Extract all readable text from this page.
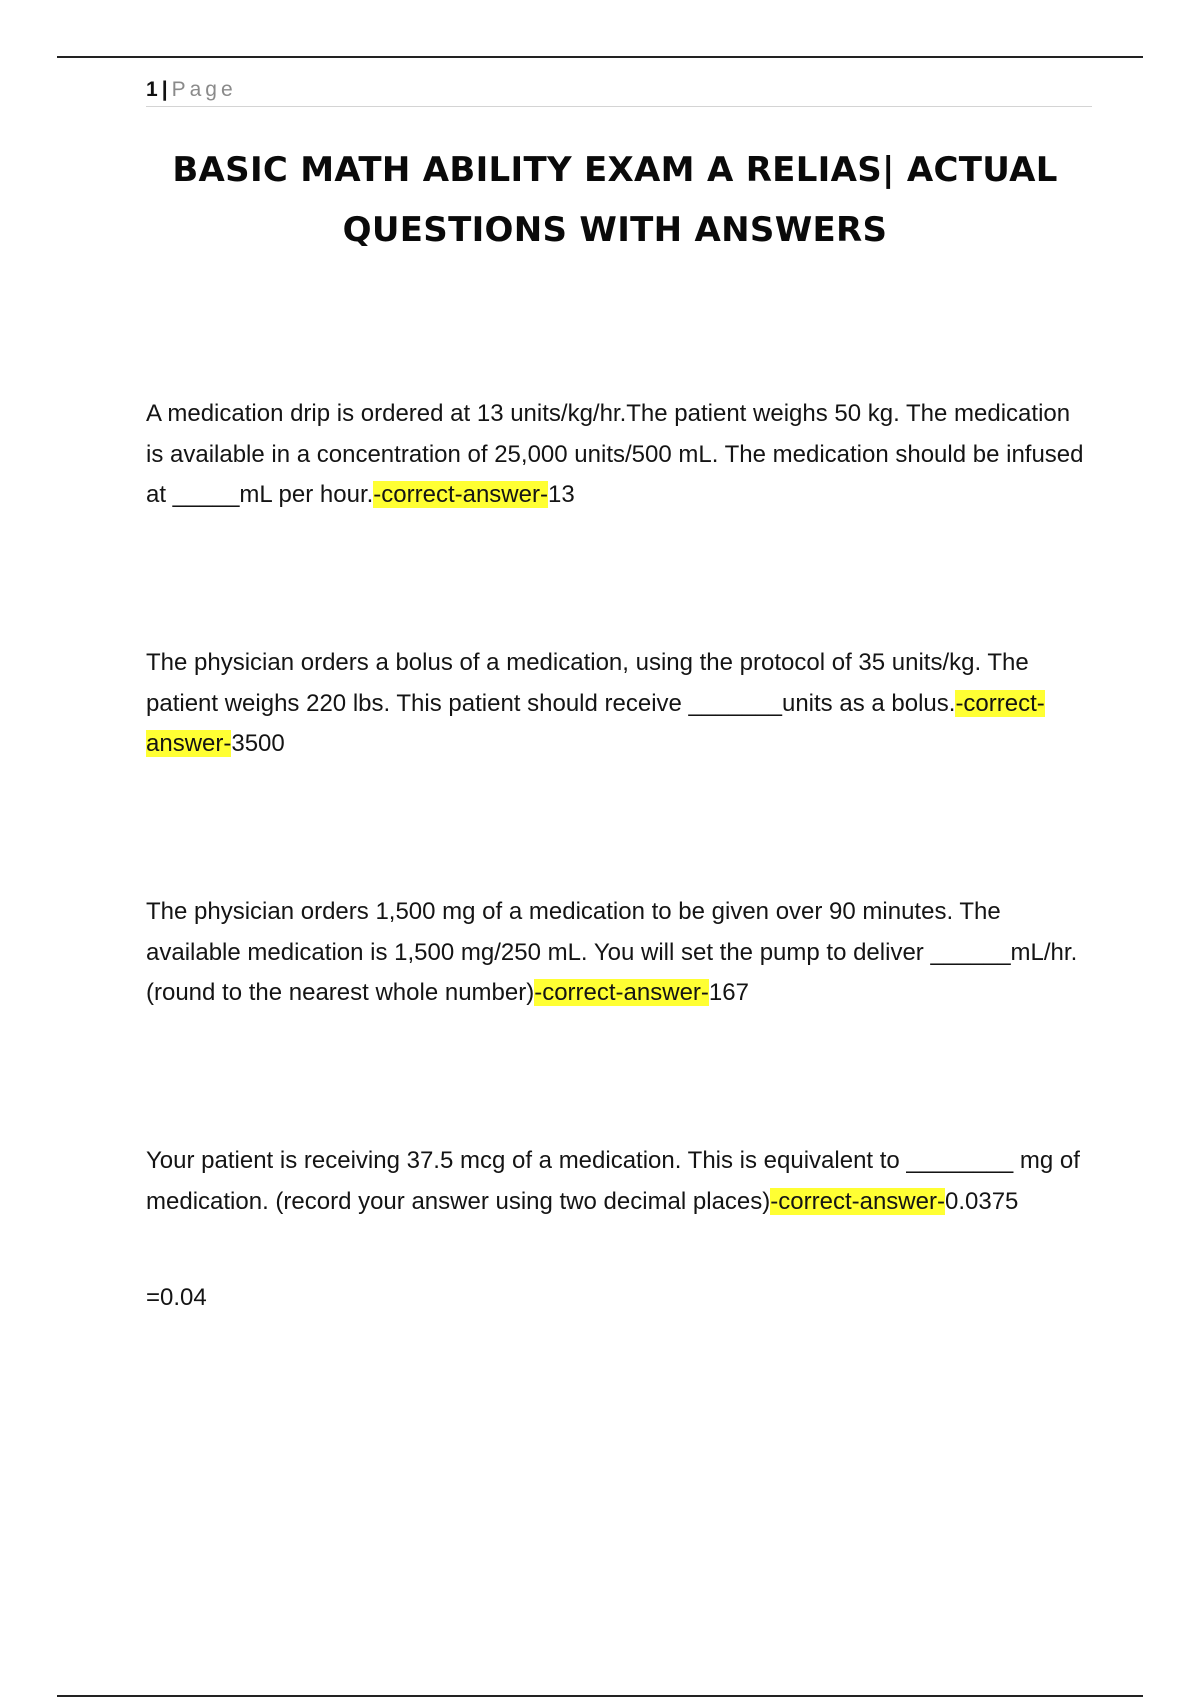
1 | Page
BASIC MATH ABILITY EXAM A RELIAS| ACTUAL QUESTIONS WITH ANSWERS

A medication drip is ordered at 13 units/kg/hr.The patient weighs 50 kg. The medication is available in a concentration of 25,000 units/500 mL. The medication should be infused at _____mL per hour.-correct-answer-13

The physician orders a bolus of a medication, using the protocol of 35 units/kg. The patient weighs 220 lbs. This patient should receive _______units as a bolus.-correct-answer-3500

The physician orders 1,500 mg of a medication to be given over 90 minutes. The available medication is 1,500 mg/250 mL. You will set the pump to deliver ______mL/hr.(round to the nearest whole number)-correct-answer-167

Your patient is receiving 37.5 mcg of a medication. This is equivalent to ________ mg of medication. (record your answer using two decimal places)-correct-answer-0.0375

=0.04
